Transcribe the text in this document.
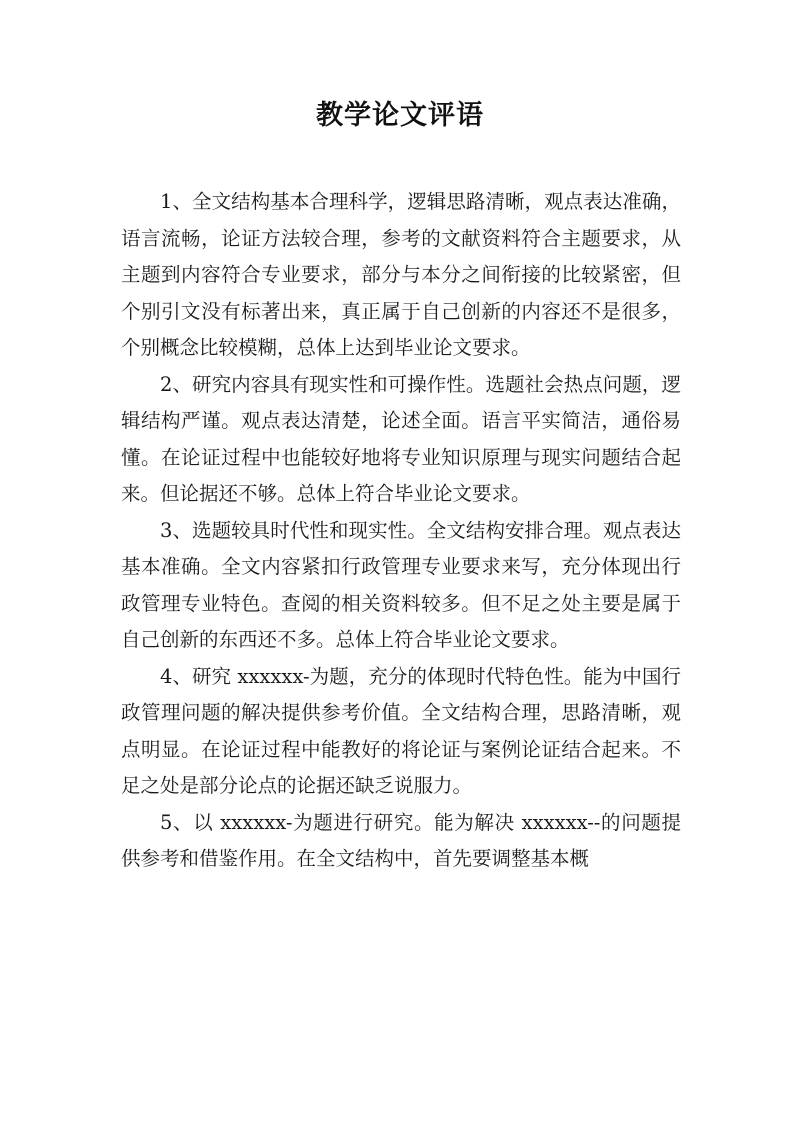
教学论文评语

1、全文结构基本合理科学，逻辑思路清晰，观点表达准确，语言流畅，论证方法较合理，参考的文献资料符合主题要求，从主题到内容符合专业要求，部分与本分之间衔接的比较紧密，但个别引文没有标著出来，真正属于自己创新的内容还不是很多，个别概念比较模糊，总体上达到毕业论文要求。

2、研究内容具有现实性和可操作性。选题社会热点问题，逻辑结构严谨。观点表达清楚，论述全面。语言平实简洁，通俗易懂。在论证过程中也能较好地将专业知识原理与现实问题结合起来。但论据还不够。总体上符合毕业论文要求。

3、选题较具时代性和现实性。全文结构安排合理。观点表达基本准确。全文内容紧扣行政管理专业要求来写，充分体现出行政管理专业特色。查阅的相关资料较多。但不足之处主要是属于自己创新的东西还不多。总体上符合毕业论文要求。

4、研究 xxxxxx-为题，充分的体现时代特色性。能为中国行政管理问题的解决提供参考价值。全文结构合理，思路清晰，观点明显。在论证过程中能教好的将论证与案例论证结合起来。不足之处是部分论点的论据还缺乏说服力。

5、以 xxxxxx-为题进行研究。能为解决 xxxxxx--的问题提供参考和借鉴作用。在全文结构中，首先要调整基本概
